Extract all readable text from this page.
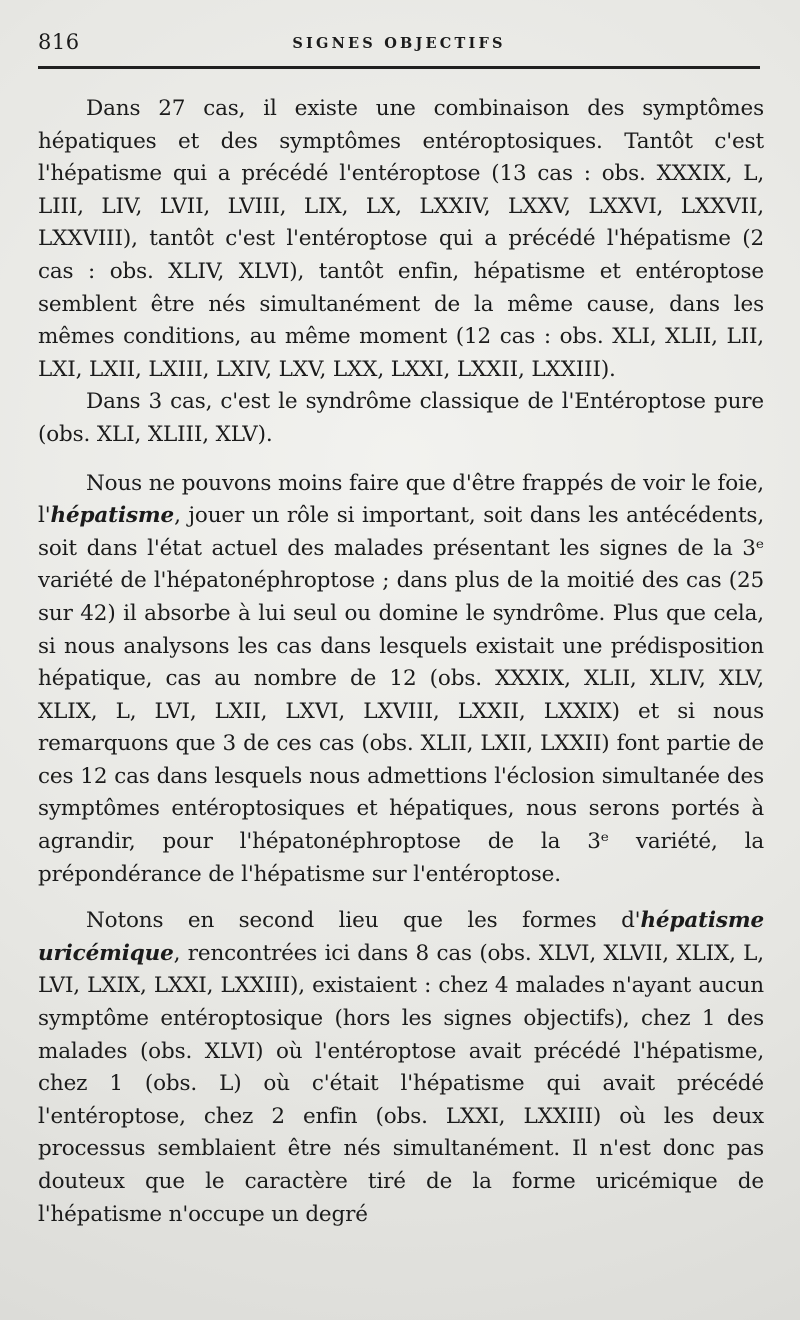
816	SIGNES OBJECTIFS

Dans 27 cas, il existe une combinaison des symptômes hépatiques et des symptômes entéroptosiques. Tantôt c'est l'hépatisme qui a précédé l'entéroptose (13 cas : obs. XXXIX, L, LIII, LIV, LVII, LVIII, LIX, LX, LXXIV, LXXV, LXXVI, LXXVII, LXXVIII), tantôt c'est l'entéroptose qui a précédé l'hépatisme (2 cas : obs. XLIV, XLVI), tantôt enfin, hépatisme et entéroptose semblent être nés simultanément de la même cause, dans les mêmes conditions, au même moment (12 cas : obs. XLI, XLII, LII, LXI, LXII, LXIII, LXIV, LXV, LXX, LXXI, LXXII, LXXIII).

Dans 3 cas, c'est le syndrôme classique de l'Entéroptose pure (obs. XLI, XLIII, XLV).

Nous ne pouvons moins faire que d'être frappés de voir le foie, l'hépatisme, jouer un rôle si important, soit dans les antécédents, soit dans l'état actuel des malades présentant les signes de la 3ᵉ variété de l'hépatonéphroptose ; dans plus de la moitié des cas (25 sur 42) il absorbe à lui seul ou domine le syndrôme. Plus que cela, si nous analysons les cas dans lesquels existait une prédisposition hépatique, cas au nombre de 12 (obs. XXXIX, XLII, XLIV, XLV, XLIX, L, LVI, LXII, LXVI, LXVIII, LXXII, LXXIX) et si nous remarquons que 3 de ces cas (obs. XLII, LXII, LXXII) font partie de ces 12 cas dans lesquels nous admettions l'éclosion simultanée des symptômes entéroptosiques et hépatiques, nous serons portés à agrandir, pour l'hépatonéphroptose de la 3ᵉ variété, la prépondérance de l'hépatisme sur l'entéroptose.

Notons en second lieu que les formes d'hépatisme uricémique, rencontrées ici dans 8 cas (obs. XLVI, XLVII, XLIX, L, LVI, LXIX, LXXI, LXXIII), existaient : chez 4 malades n'ayant aucun symptôme entéroptosique (hors les signes objectifs), chez 1 des malades (obs. XLVI) où l'entéroptose avait précédé l'hépatisme, chez 1 (obs. L) où c'était l'hépatisme qui avait précédé l'entéroptose, chez 2 enfin (obs. LXXI, LXXIII) où les deux processus semblaient être nés simultanément. Il n'est donc pas douteux que le caractère tiré de la forme uricémique de l'hépatisme n'occupe un degré
